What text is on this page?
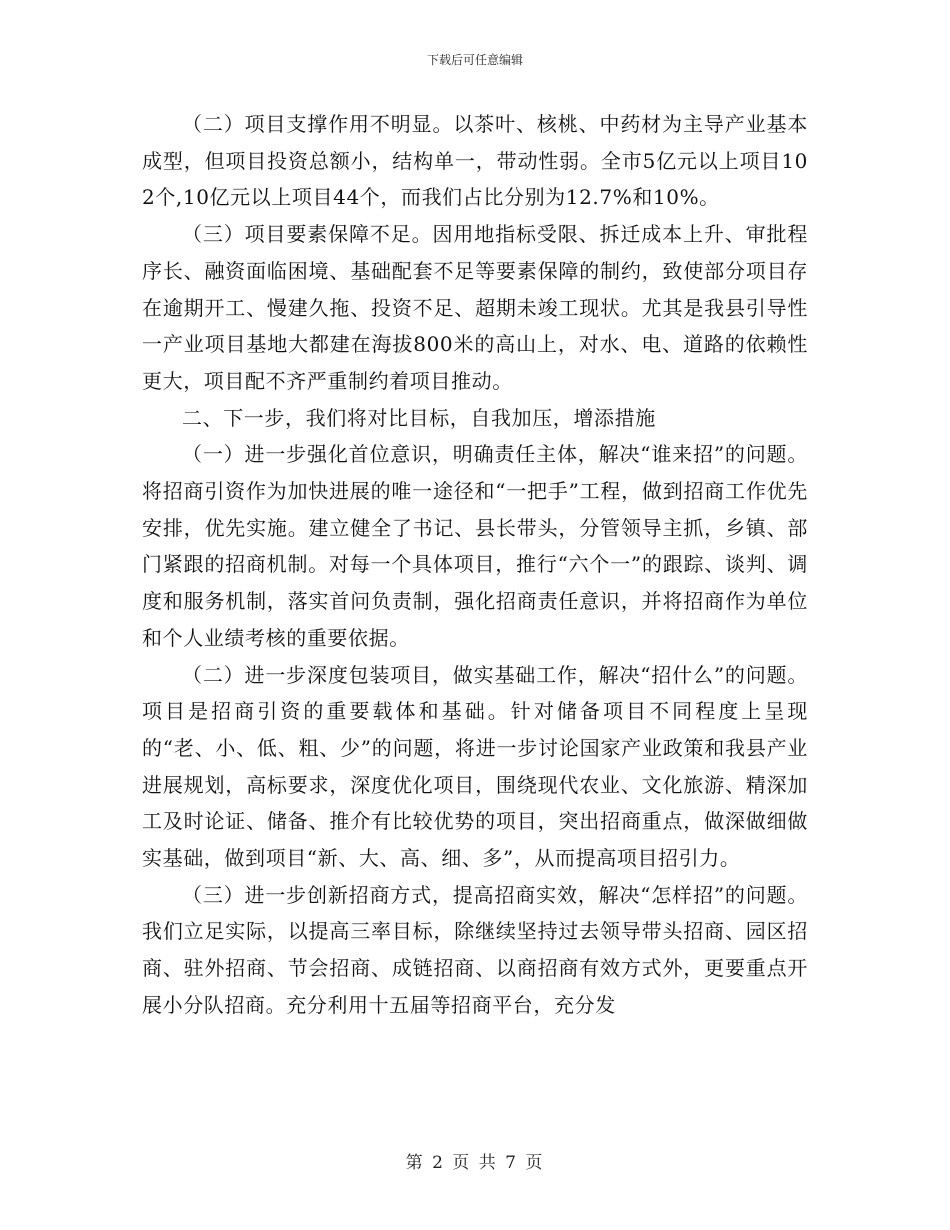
下载后可任意编辑

（二）项目支撑作用不明显。以茶叶、核桃、中药材为主导产业基本成型，但项目投资总额小，结构单一，带动性弱。全市5亿元以上项目102个,10亿元以上项目44个，而我们占比分别为12.7%和10%。

（三）项目要素保障不足。因用地指标受限、拆迁成本上升、审批程序长、融资面临困境、基础配套不足等要素保障的制约，致使部分项目存在逾期开工、慢建久拖、投资不足、超期未竣工现状。尤其是我县引导性一产业项目基地大都建在海拔800米的高山上，对水、电、道路的依赖性更大，项目配不齐严重制约着项目推动。

二、下一步，我们将对比目标，自我加压，增添措施

（一）进一步强化首位意识，明确责任主体，解决“谁来招”的问题。将招商引资作为加快进展的唯一途径和“一把手”工程，做到招商工作优先安排，优先实施。建立健全了书记、县长带头，分管领导主抓，乡镇、部门紧跟的招商机制。对每一个具体项目，推行“六个一”的跟踪、谈判、调度和服务机制，落实首问负责制，强化招商责任意识，并将招商作为单位和个人业绩考核的重要依据。

（二）进一步深度包装项目，做实基础工作，解决“招什么”的问题。项目是招商引资的重要载体和基础。针对储备项目不同程度上呈现的“老、小、低、粗、少”的问题，将进一步讨论国家产业政策和我县产业进展规划，高标要求，深度优化项目，围绕现代农业、文化旅游、精深加工及时论证、储备、推介有比较优势的项目，突出招商重点，做深做细做实基础，做到项目“新、大、高、细、多”，从而提高项目招引力。

（三）进一步创新招商方式，提高招商实效，解决“怎样招”的问题。我们立足实际，以提高三率目标，除继续坚持过去领导带头招商、园区招商、驻外招商、节会招商、成链招商、以商招商有效方式外，更要重点开展小分队招商。充分利用十五届等招商平台，充分发

第 2 页 共 7 页
